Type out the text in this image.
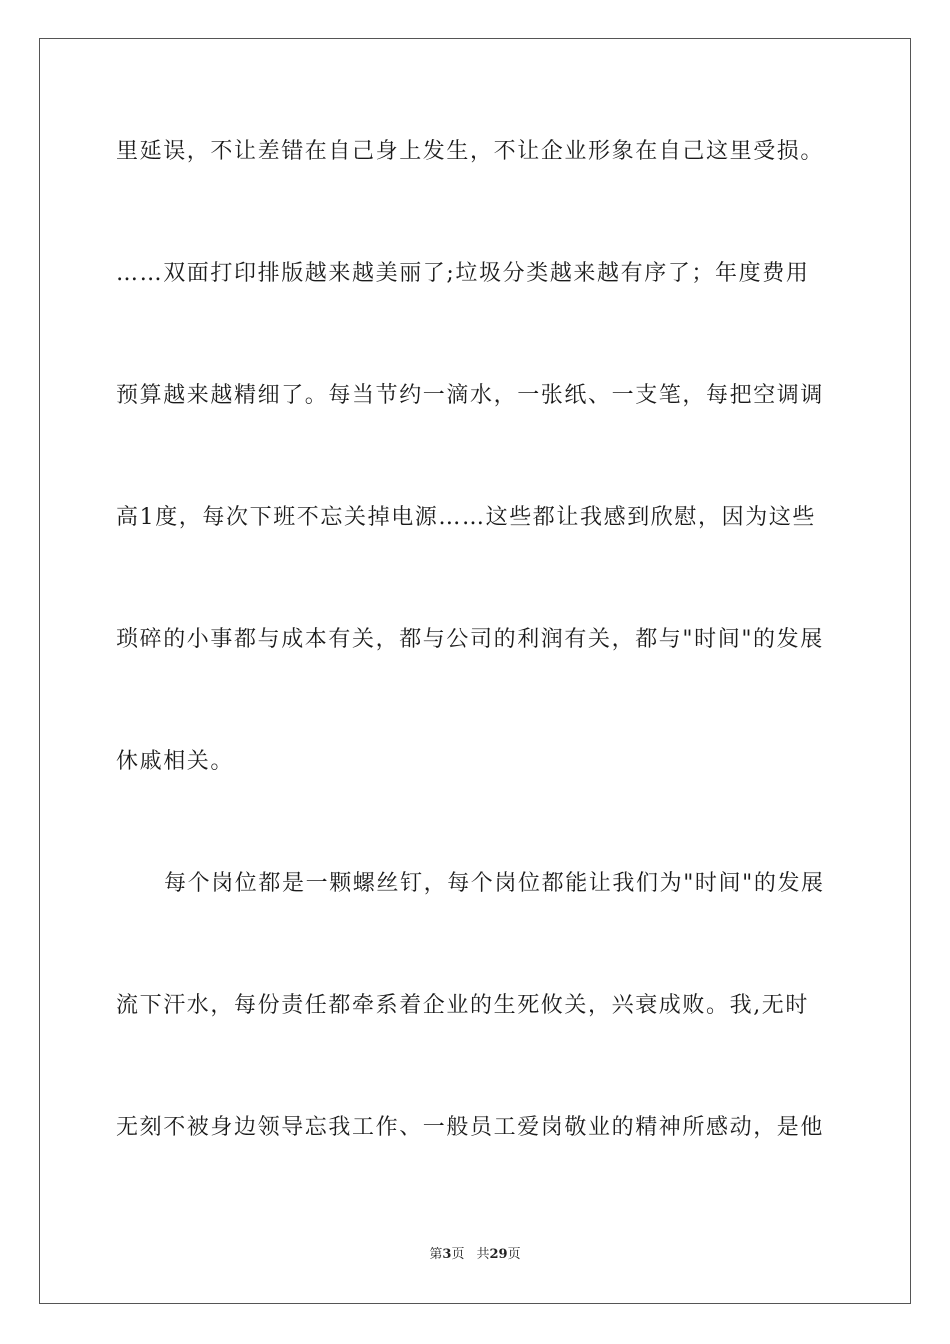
里延误，不让差错在自己身上发生，不让企业形象在自己这里受损。
……双面打印排版越来越美丽了;垃圾分类越来越有序了；年度费用
预算越来越精细了。每当节约一滴水，一张纸、一支笔，每把空调调
高1度，每次下班不忘关掉电源……这些都让我感到欣慰，因为这些
琐碎的小事都与成本有关，都与公司的利润有关，都与"时间"的发展
休戚相关。
每个岗位都是一颗螺丝钉，每个岗位都能让我们为"时间"的发展
流下汗水，每份责任都牵系着企业的生死攸关，兴衰成败。我,无时
无刻不被身边领导忘我工作、一般员工爱岗敬业的精神所感动，是他
第3页 共29页
